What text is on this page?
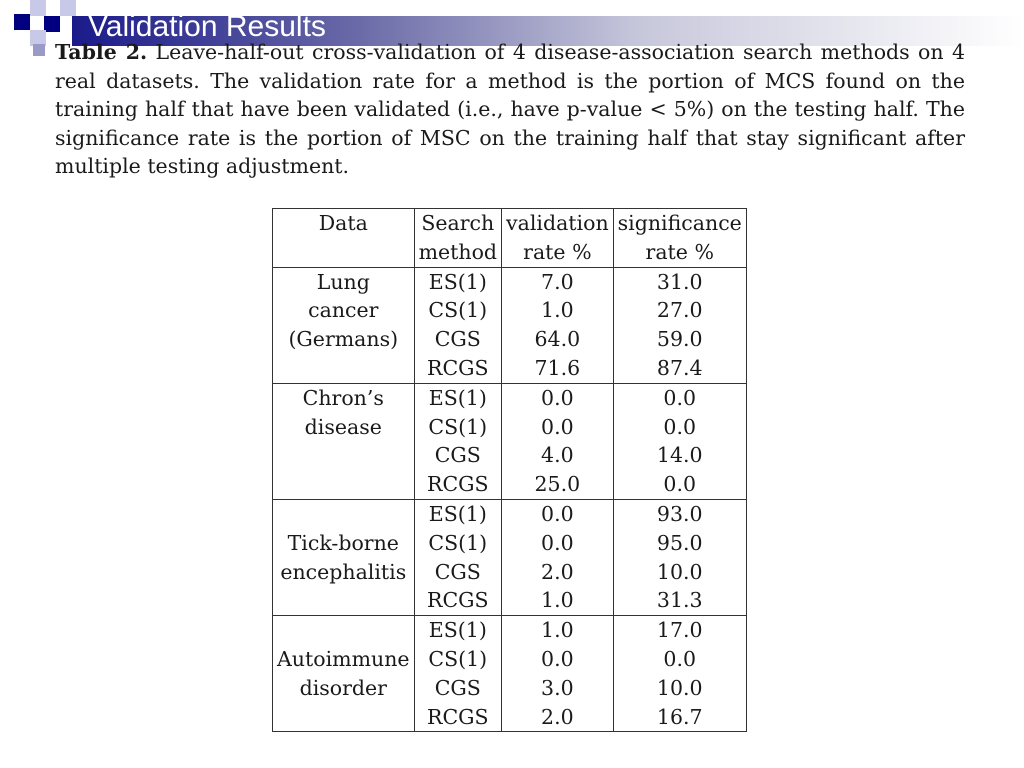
Validation Results
Table 2. Leave-half-out cross-validation of 4 disease-association search methods on 4 real datasets. The validation rate for a method is the portion of MCS found on the training half that have been validated (i.e., have p-value < 5%) on the testing half. The significance rate is the portion of MSC on the training half that stay significant after multiple testing adjustment.
Data	Search	validation	significance
	method	rate %	rate %
Lung	ES(1)	7.0	31.0
cancer	CS(1)	1.0	27.0
(Germans)	CGS	64.0	59.0
	RCGS	71.6	87.4
Chron’s	ES(1)	0.0	0.0
disease	CS(1)	0.0	0.0
	CGS	4.0	14.0
	RCGS	25.0	0.0
	ES(1)	0.0	93.0
Tick-borne	CS(1)	0.0	95.0
encephalitis	CGS	2.0	10.0
	RCGS	1.0	31.3
	ES(1)	1.0	17.0
Autoimmune	CS(1)	0.0	0.0
disorder	CGS	3.0	10.0
	RCGS	2.0	16.7
